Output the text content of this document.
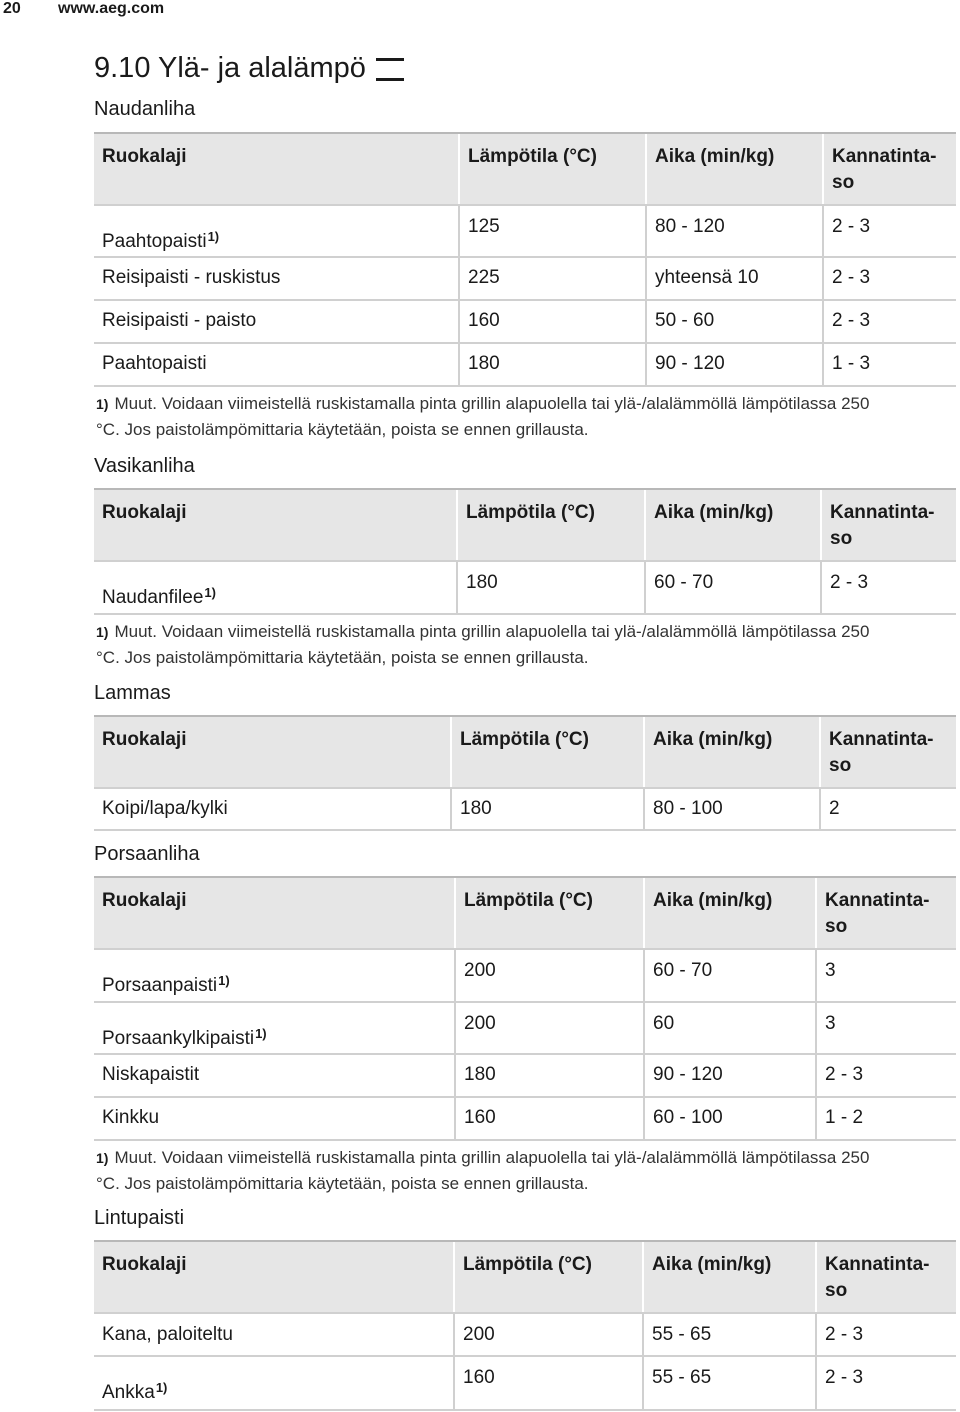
20 www.aeg.com
9.10 Ylä- ja alalämpö
Naudanliha
Ruokalaji	Lämpötila (°C)	Aika (min/kg)	Kannatinta-
so
Paahtopaisti$^{1)}$	125	80 - 120	2 - 3
Reisipaisti - ruskistus	225	yhteensä 10	2 - 3
Reisipaisti - paisto	160	50 - 60	2 - 3
Paahtopaisti	180	90 - 120	1 - 3
1) Muut. Voidaan viimeistellä ruskistamalla pinta grillin alapuolella tai ylä-/alalämmöllä lämpötilassa 250
°C. Jos paistolämpömittaria käytetään, poista se ennen grillausta.
Vasikanliha
Ruokalaji	Lämpötila (°C)	Aika (min/kg)	Kannatinta-
so
Naudanfilee$^{1)}$	180	60 - 70	2 - 3
1) Muut. Voidaan viimeistellä ruskistamalla pinta grillin alapuolella tai ylä-/alalämmöllä lämpötilassa 250
°C. Jos paistolämpömittaria käytetään, poista se ennen grillausta.
Lammas
Ruokalaji	Lämpötila (°C)	Aika (min/kg)	Kannatinta-
so
Koipi/lapa/kylki	180	80 - 100	2
Porsaanliha
Ruokalaji	Lämpötila (°C)	Aika (min/kg)	Kannatinta-
so
Porsaanpaisti$^{1)}$	200	60 - 70	3
Porsaankylkipaisti$^{1)}$	200	60	3
Niskapaistit	180	90 - 120	2 - 3
Kinkku	160	60 - 100	1 - 2
1) Muut. Voidaan viimeistellä ruskistamalla pinta grillin alapuolella tai ylä-/alalämmöllä lämpötilassa 250
°C. Jos paistolämpömittaria käytetään, poista se ennen grillausta.
Lintupaisti
Ruokalaji	Lämpötila (°C)	Aika (min/kg)	Kannatinta-
so
Kana, paloiteltu	200	55 - 65	2 - 3
Ankka$^{1)}$	160	55 - 65	2 - 3
